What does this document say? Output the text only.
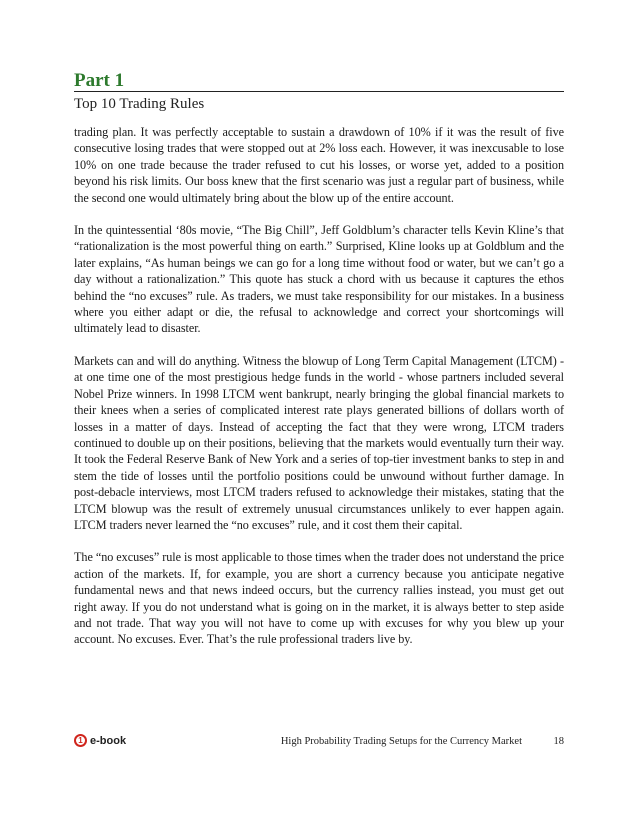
Part 1
Top 10 Trading Rules

trading plan. It was perfectly acceptable to sustain a drawdown of 10% if it was the result of five consecutive losing trades that were stopped out at 2% loss each. However, it was inexcusable to lose 10% on one trade because the trader refused to cut his losses, or worse yet, added to a position beyond his risk limits. Our boss knew that the first scenario was just a regular part of business, while the second one would ultimately bring about the blow up of the entire account.

In the quintessential ‘80s movie, “The Big Chill”, Jeff Goldblum’s character tells Kevin Kline’s that “rationalization is the most powerful thing on earth.” Surprised, Kline looks up at Goldblum and the later explains, “As human beings we can go for a long time without food or water, but we can’t go a day without a rationalization.” This quote has stuck a chord with us because it captures the ethos behind the “no excuses” rule. As traders, we must take responsibility for our mistakes. In a business where you either adapt or die, the refusal to acknowledge and correct your shortcomings will ultimately lead to disaster.

Markets can and will do anything. Witness the blowup of Long Term Capital Management (LTCM) - at one time one of the most prestigious hedge funds in the world - whose partners included several Nobel Prize winners. In 1998 LTCM went bankrupt, nearly bringing the global financial markets to their knees when a series of complicated interest rate plays generated billions of dollars worth of losses in a matter of days. Instead of accepting the fact that they were wrong, LTCM traders continued to double up on their positions, believing that the markets would eventually turn their way. It took the Federal Reserve Bank of New York and a series of top-tier investment banks to step in and stem the tide of losses until the portfolio positions could be unwound without further damage. In post-debacle interviews, most LTCM traders refused to acknowledge their mistakes, stating that the LTCM blowup was the result of extremely unusual circumstances unlikely to ever happen again. LTCM traders never learned the “no excuses” rule, and it cost them their capital.

The “no excuses” rule is most applicable to those times when the trader does not understand the price action of the markets. If, for example, you are short a currency because you anticipate negative fundamental news and that news indeed occurs, but the currency rallies instead, you must get out right away. If you do not understand what is going on in the market, it is always better to step aside and not trade. That way you will not have to come up with excuses for why you blew up your account. No excuses. Ever. That’s the rule professional traders live by.

1 e-book	High Probability Trading Setups for the Currency Market	18
